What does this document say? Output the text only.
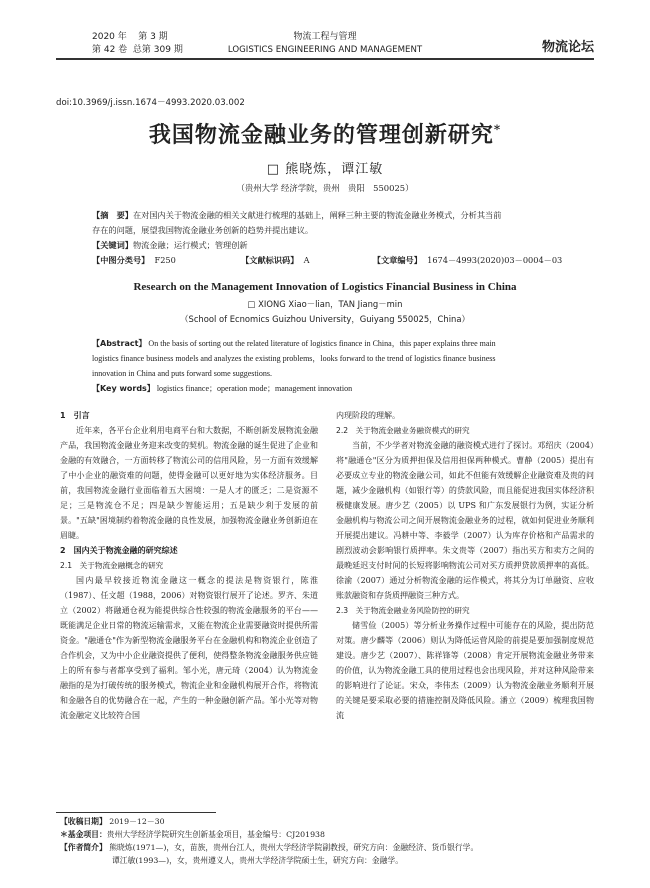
2020 年 第 3 期
第 42 卷 总第 309 期
物流工程与管理
LOGISTICS ENGINEERING AND MANAGEMENT	物流论坛
doi:10.3969/j.issn.1674－4993.2020.03.002
我国物流金融业务的管理创新研究*
□ 熊晓炼，谭江敏
（贵州大学 经济学院，贵州　贵阳　550025）
【摘　要】在对国内关于物流金融的相关文献进行梳理的基础上，阐释三种主要的物流金融业务模式，分析其当前
存在的问题，展望我国物流金融业务创新的趋势并提出建议。
【关键词】物流金融；运行模式；管理创新
【中图分类号】 F250	【文献标识码】 A	【文章编号】 1674－4993(2020)03－0004－03
Research on the Management Innovation of Logistics Financial Business in China
□ XIONG Xiao－lian，TAN Jiang－min
（School of Ecnomics Guizhou University，Guiyang 550025，China）
【Abstract】 On the basis of sorting out the related literature of logistics finance in China，this paper explains three main
logistics finance business models and analyzes the existing problems，looks forward to the trend of logistics finance business
innovation in China and puts forward some suggestions.
【Key words】 logistics finance；operation mode；management innovation
1　引言

近年来，各平台企业利用电商平台和大数据，不断创新发展物流金融产品，我国物流金融业务迎来改变的契机。物流金融的诞生促进了企业和金融的有效融合，一方面转移了物流公司的信用风险，另一方面有效缓解了中小企业的融资难的问题，使得金融可以更好地为实体经济服务。目前，我国物流金融行业面临着五大困境：一是人才的匮乏；二是资源不足；三是物流仓不足；四是缺少智能运用；五是缺少利于发展的前景。"五缺"困境制约着物流金融的良性发展，加强物流金融业务创新迫在眉睫。

2　国内关于物流金融的研究综述
2.1　关于物流金融概念的研究

国内最早较接近物流金融这一概念的提法是物资银行，陈淮（1987）、任文超（1988，2006）对物资银行展开了论述。罗齐、朱道立（2002）将融通仓视为能提供综合性较强的物流金融服务的平台——既能满足企业日常的物流运输需求，又能在物流企业需要融资时提供所需资金。"融通仓"作为新型物流金融服务平台在金融机构和物流企业创造了合作机会，又为中小企业融资提供了便利，使得整条物流金融服务供应链上的所有参与者都享受到了福利。邹小光，唐元琦（2004）认为物流金融指的是为打破传统的服务模式，物流企业和金融机构展开合作，将物流和金融各自的优势融合在一起，产生的一种金融创新产品。邹小光等对物流金融定义比较符合国

内现阶段的理解。
2.2　关于物流金融业务融资模式的研究

当前，不少学者对物流金融的融资模式进行了探讨。邓绍庆（2004）将"融通仓"区分为质押担保及信用担保两种模式。曹静（2005）提出有必要成立专业的物流金融公司，如此不但能有效缓解企业融资难及贵的问题，减少金融机构（如银行等）的贷款风险，而且能促进我国实体经济积极健康发展。唐少艺（2005）以 UPS 和广东发展银行为例，实证分析金融机构与物流公司之间开展物流金融业务的过程，就如何促进业务顺利开展提出建议。冯耕中等、李毅学（2007）认为库存价格和产品需求的剧烈波动会影响银行质押率。朱文贵等（2007）指出买方和卖方之间的最晚延迟支付时间的长短将影响物流公司对买方质押贷款质押率的高低。徐渝（2007）通过分析物流金融的运作模式，将其分为订单融资、应收账款融资和存货质押融资三种方式。

2.3　关于物流金融业务风险防控的研究

储雪俭（2005）等分析业务操作过程中可能存在的风险，提出防范对策。唐少麟等（2006）则认为降低运营风险的前提是要加强制度规范建设。唐少艺（2007）、陈祥锋等（2008）肯定开展物流金融业务带来的价值，认为物流金融工具的使用过程也会出现风险，并对这种风险带来的影响进行了论证。宋众，李伟杰（2009）认为物流金融业务顺利开展的关键是要采取必要的措施控制及降低风险。潘立（2009）梳理我国物流

【收稿日期】 2019－12－30
＊基金项目：贵州大学经济学院研究生创新基金项目，基金编号：CJ201938
【作者简介】 熊晓炼(1971—)，女，苗族，贵州台江人，贵州大学经济学院副教授，研究方向：金融经济、货币银行学。
谭江敏(1993—)，女，贵州遵义人，贵州大学经济学院硕士生，研究方向：金融学。
